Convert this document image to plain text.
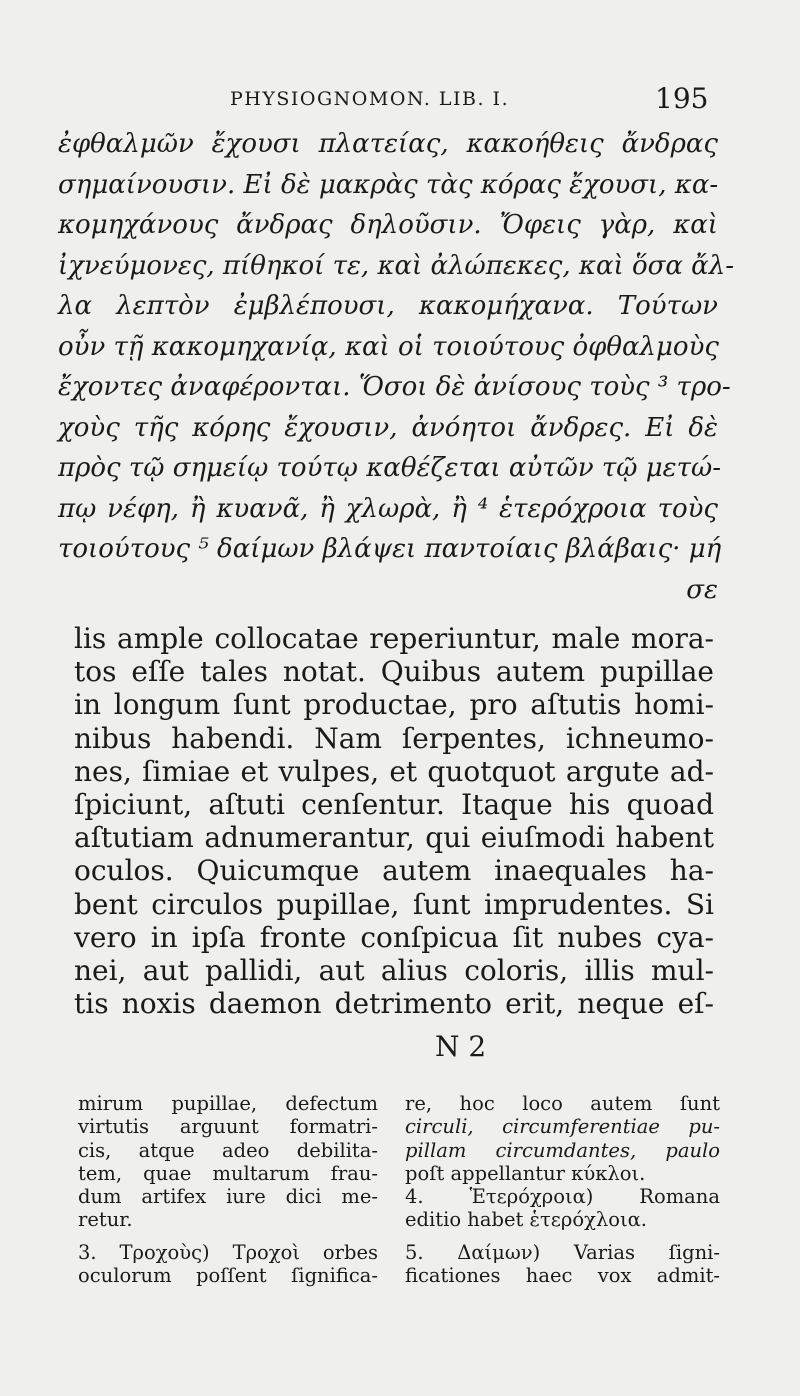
PHYSIOGNOMON. LIB. I.	195
ἐφθαλμῶν ἔχουσι πλατείας, κακοήθεις ἄνδρας
σημαίνουσιν. Εἰ δὲ μακρὰς τὰς κόρας ἔχουσι, κα-
κομηχάνους ἄνδρας δηλοῦσιν. Ὄφεις γὰρ, καὶ
ἰχνεύμονες, πίθηκοί τε, καὶ ἀλώπεκες, καὶ ὅσα ἄλ-
λα λεπτὸν ἐμβλέπουσι, κακομήχανα. Τούτων
οὖν τῇ κακομηχανίᾳ, καὶ οἱ τοιούτους ὀφθαλμοὺς
ἔχοντες ἀναφέρονται. Ὅσοι δὲ ἀνίσους τοὺς ³ τρο-
χοὺς τῆς κόρης ἔχουσιν, ἀνόητοι ἄνδρες. Εἰ δὲ
πρὸς τῷ σημείῳ τούτῳ καθέζεται αὐτῶν τῷ μετώ-
πῳ νέφη, ἢ κυανᾶ, ἢ χλωρὰ, ἢ ⁴ ἑτερόχροια τοὺς
τοιούτους ⁵ δαίμων βλάψει παντοίαις βλάβαις· μή
σε
lis ample collocatae reperiuntur, male mora-
tos eſſe tales notat. Quibus autem pupillae
in longum ſunt productae, pro aſtutis homi-
nibus habendi. Nam ſerpentes, ichneumo-
nes, ſimiae et vulpes, et quotquot argute ad-
ſpiciunt, aſtuti cenſentur. Itaque his quoad
aſtutiam adnumerantur, qui eiuſmodi habent
oculos. Quicumque autem inaequales ha-
bent circulos pupillae, ſunt imprudentes. Si
vero in ipſa fronte conſpicua ſit nubes cya-
nei, aut pallidi, aut alius coloris, illis mul-
tis noxis daemon detrimento erit, neque eſ-
N 2
mirum pupillae, defectum
virtutis arguunt formatri-
cis, atque adeo debilita-
tem, quae multarum frau-
dum artifex iure dici me-
retur.
3. Τροχοὺς) Τροχοὶ orbes
oculorum poſſent ſignifica-
re, hoc loco autem ſunt
circuli, circumferentiae pu-
pillam circumdantes, paulo
poſt appellantur κύκλοι.
4. Ἑτερόχροια) Romana
editio habet ἑτερόχλοια.
5. Δαίμων) Varias ſigni-
ficationes haec vox admit-
